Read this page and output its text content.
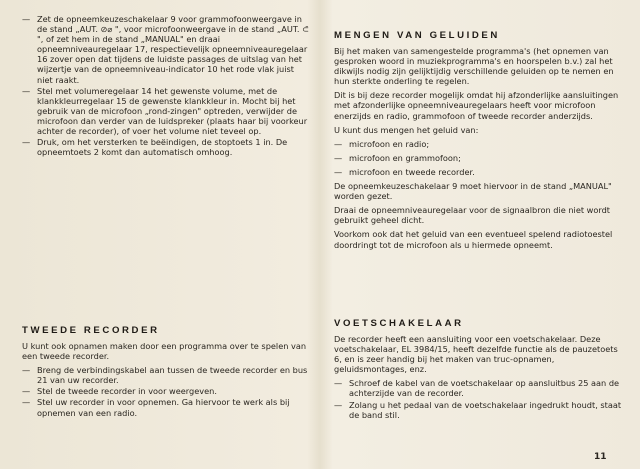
— Zet de opneemkeuzeschakelaar 9 voor grammofoonweergave in de stand „AUT. ⊘⌀ ", voor microfoonweergave in de stand „AUT. ⊂̄ ", of zet hem in de stand „MANUAL" en draai opneemniveauregelaar 17, respectievelijk opneemniveauregelaar 16 zover open dat tijdens de luidste passages de uitslag van het wijzertje van de opneemniveau-indicator 10 het rode vlak juist niet raakt.
— Stel met volumeregelaar 14 het gewenste volume, met de klankkleurregelaar 15 de gewenste klankkleur in. Mocht bij het gebruik van de microfoon „rond-zingen" optreden, verwijder de microfoon dan verder van de luidspreker (plaats haar bij voorkeur achter de recorder), of voer het volume niet teveel op.
— Druk, om het versterken te beëindigen, de stoptoets 1 in. De opneemtoets 2 komt dan automatisch omhoog.
TWEEDE RECORDER

U kunt ook opnamen maken door een programma over te spelen van een tweede recorder.

— Breng de verbindingskabel aan tussen de tweede recorder en bus 21 van uw recorder.
— Stel de tweede recorder in voor weergeven.
— Stel uw recorder in voor opnemen. Ga hiervoor te werk als bij opnemen van een radio.
MENGEN VAN GELUIDEN

Bij het maken van samengestelde programma's (het opnemen van gesproken woord in muziekprogramma's en hoorspelen b.v.) zal het dikwijls nodig zijn gelijktijdig verschillende geluiden op te nemen en hun sterkte onderling te regelen.

Dit is bij deze recorder mogelijk omdat hij afzonderlijke aansluitingen met afzonderlijke opneemniveauregelaars heeft voor microfoon enerzijds en radio, grammofoon of tweede recorder anderzijds.

U kunt dus mengen het geluid van:

— microfoon en radio;
— microfoon en grammofoon;
— microfoon en tweede recorder.

De opneemkeuzeschakelaar 9 moet hiervoor in de stand „MANUAL" worden gezet.

Draai de opneemniveauregelaar voor de signaalbron die niet wordt gebruikt geheel dicht.

Voorkom ook dat het geluid van een eventueel spelend radiotoestel doordringt tot de microfoon als u hiermede opneemt.

VOETSCHAKELAAR

De recorder heeft een aansluiting voor een voetschakelaar. Deze voetschakelaar, EL 3984/15, heeft dezelfde functie als de pauzetoets 6, en is zeer handig bij het maken van truc-opnamen, geluidsmontages, enz.

— Schroef de kabel van de voetschakelaar op aansluitbus 25 aan de achterzijde van de recorder.
— Zolang u het pedaal van de voetschakelaar ingedrukt houdt, staat de band stil.
11
